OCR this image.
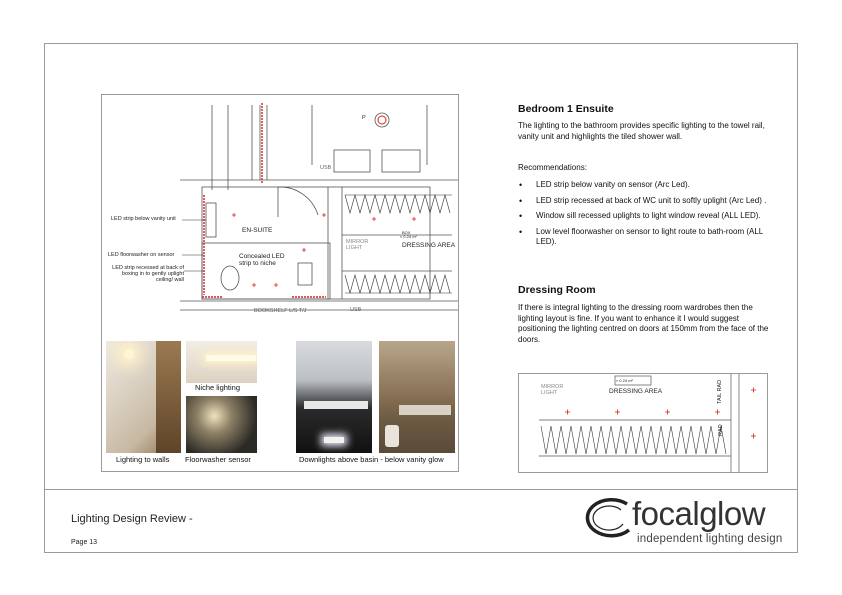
LED strip below vanity unit
LED floorwasher on sensor
LED strip recessed at back of boxing in to gently uplight ceiling/ wall
EN-SUITE
Concealed LED strip to niche
DRESSING AREA
MIRROR LIGHT
BOOKSHELF L/S T/J
P
USB
USB
BOX
≈ 0.24 m²
Lighting to walls
Niche lighting
Floorwasher sensor	Downlights above basin - below vanity glow
Bedroom 1 Ensuite
The lighting to the bathroom provides specific lighting to the towel rail, vanity unit and highlights the tiled shower wall.
Recommendations:
• LED strip below vanity on sensor (Arc Led).
• LED strip recessed at back of WC unit to softly uplight (Arc Led) .
• Window sill recessed uplights to light window reveal (ALL LED).
• Low level floorwasher on sensor to light route to bath-room (ALL LED).
Dressing Room
If there is integral lighting to the dressing room wardrobes then the lighting layout is fine. If you want to enhance it I would suggest positioning the lighting centred on doors at 150mm from the face of the doors.
DRESSING AREA
MIRROR LIGHT
≈ 0.24 m²	TAIL RAD
RAD
Lighting Design Review -
Page 13
focalglow
independent lighting design
